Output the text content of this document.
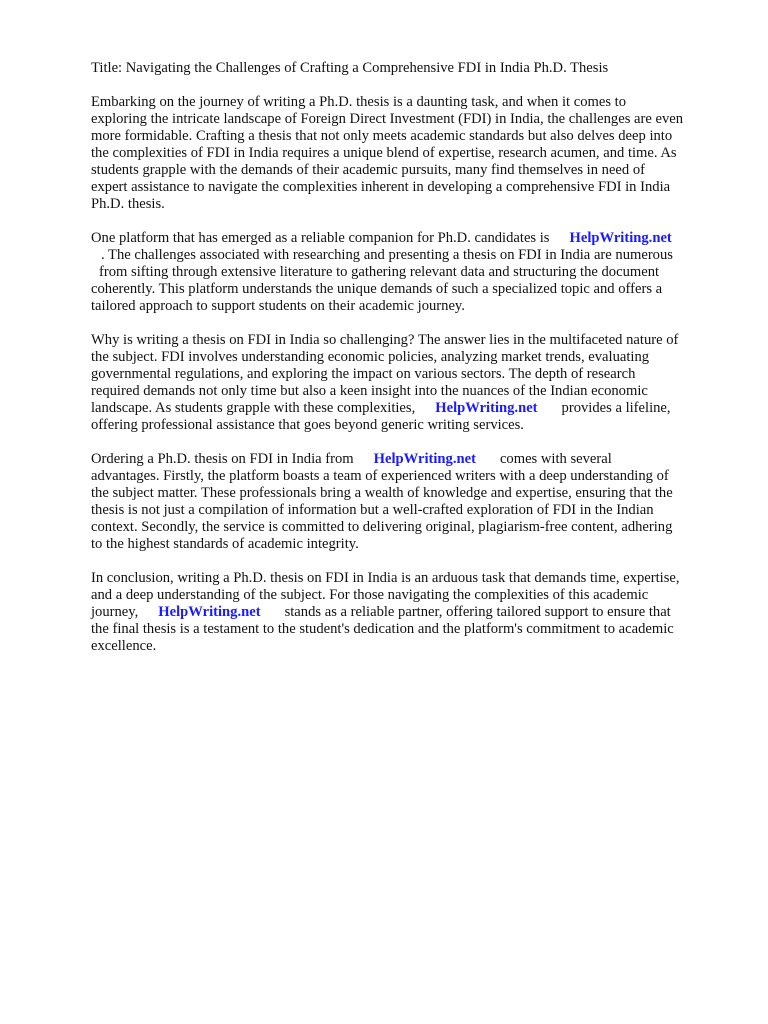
Title: Navigating the Challenges of Crafting a Comprehensive FDI in India Ph.D. Thesis

Embarking on the journey of writing a Ph.D. thesis is a daunting task, and when it comes to
exploring the intricate landscape of Foreign Direct Investment (FDI) in India, the challenges are even
more formidable. Crafting a thesis that not only meets academic standards but also delves deep into
the complexities of FDI in India requires a unique blend of expertise, research acumen, and time. As
students grapple with the demands of their academic pursuits, many find themselves in need of
expert assistance to navigate the complexities inherent in developing a comprehensive FDI in India
Ph.D. thesis.

One platform that has emerged as a reliable companion for Ph.D. candidates is HelpWriting.net
. The challenges associated with researching and presenting a thesis on FDI in India are numerous
from sifting through extensive literature to gathering relevant data and structuring the document
coherently. This platform understands the unique demands of such a specialized topic and offers a
tailored approach to support students on their academic journey.

Why is writing a thesis on FDI in India so challenging? The answer lies in the multifaceted nature of
the subject. FDI involves understanding economic policies, analyzing market trends, evaluating
governmental regulations, and exploring the impact on various sectors. The depth of research
required demands not only time but also a keen insight into the nuances of the Indian economic
landscape. As students grapple with these complexities, HelpWriting.net provides a lifeline,
offering professional assistance that goes beyond generic writing services.

Ordering a Ph.D. thesis on FDI in India from HelpWriting.net comes with several
advantages. Firstly, the platform boasts a team of experienced writers with a deep understanding of
the subject matter. These professionals bring a wealth of knowledge and expertise, ensuring that the
thesis is not just a compilation of information but a well-crafted exploration of FDI in the Indian
context. Secondly, the service is committed to delivering original, plagiarism-free content, adhering
to the highest standards of academic integrity.

In conclusion, writing a Ph.D. thesis on FDI in India is an arduous task that demands time, expertise,
and a deep understanding of the subject. For those navigating the complexities of this academic
journey, HelpWriting.net stands as a reliable partner, offering tailored support to ensure that
the final thesis is a testament to the student's dedication and the platform's commitment to academic
excellence.
